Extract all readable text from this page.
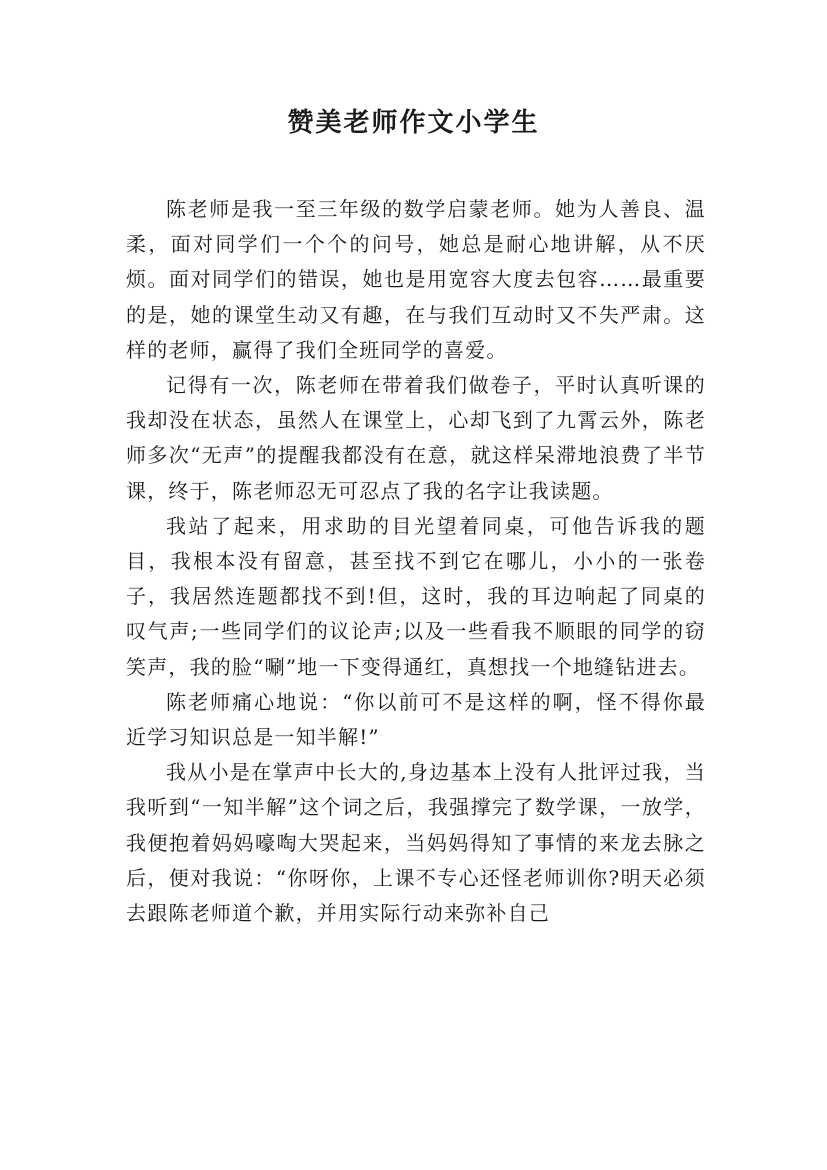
赞美老师作文小学生

陈老师是我一至三年级的数学启蒙老师。她为人善良、温柔，面对同学们一个个的问号，她总是耐心地讲解，从不厌烦。面对同学们的错误，她也是用宽容大度去包容……最重要的是，她的课堂生动又有趣，在与我们互动时又不失严肃。这样的老师，赢得了我们全班同学的喜爱。

记得有一次，陈老师在带着我们做卷子，平时认真听课的我却没在状态，虽然人在课堂上，心却飞到了九霄云外，陈老师多次“无声”的提醒我都没有在意，就这样呆滞地浪费了半节课，终于，陈老师忍无可忍点了我的名字让我读题。

我站了起来，用求助的目光望着同桌，可他告诉我的题目，我根本没有留意，甚至找不到它在哪儿，小小的一张卷子，我居然连题都找不到!但，这时，我的耳边响起了同桌的叹气声;一些同学们的议论声;以及一些看我不顺眼的同学的窃笑声，我的脸“唰”地一下变得通红，真想找一个地缝钻进去。

陈老师痛心地说：“你以前可不是这样的啊，怪不得你最近学习知识总是一知半解!”

我从小是在掌声中长大的,身边基本上没有人批评过我，当我听到“一知半解”这个词之后，我强撑完了数学课，一放学，我便抱着妈妈嚎啕大哭起来，当妈妈得知了事情的来龙去脉之后，便对我说：“你呀你，上课不专心还怪老师训你?明天必须去跟陈老师道个歉，并用实际行动来弥补自己
